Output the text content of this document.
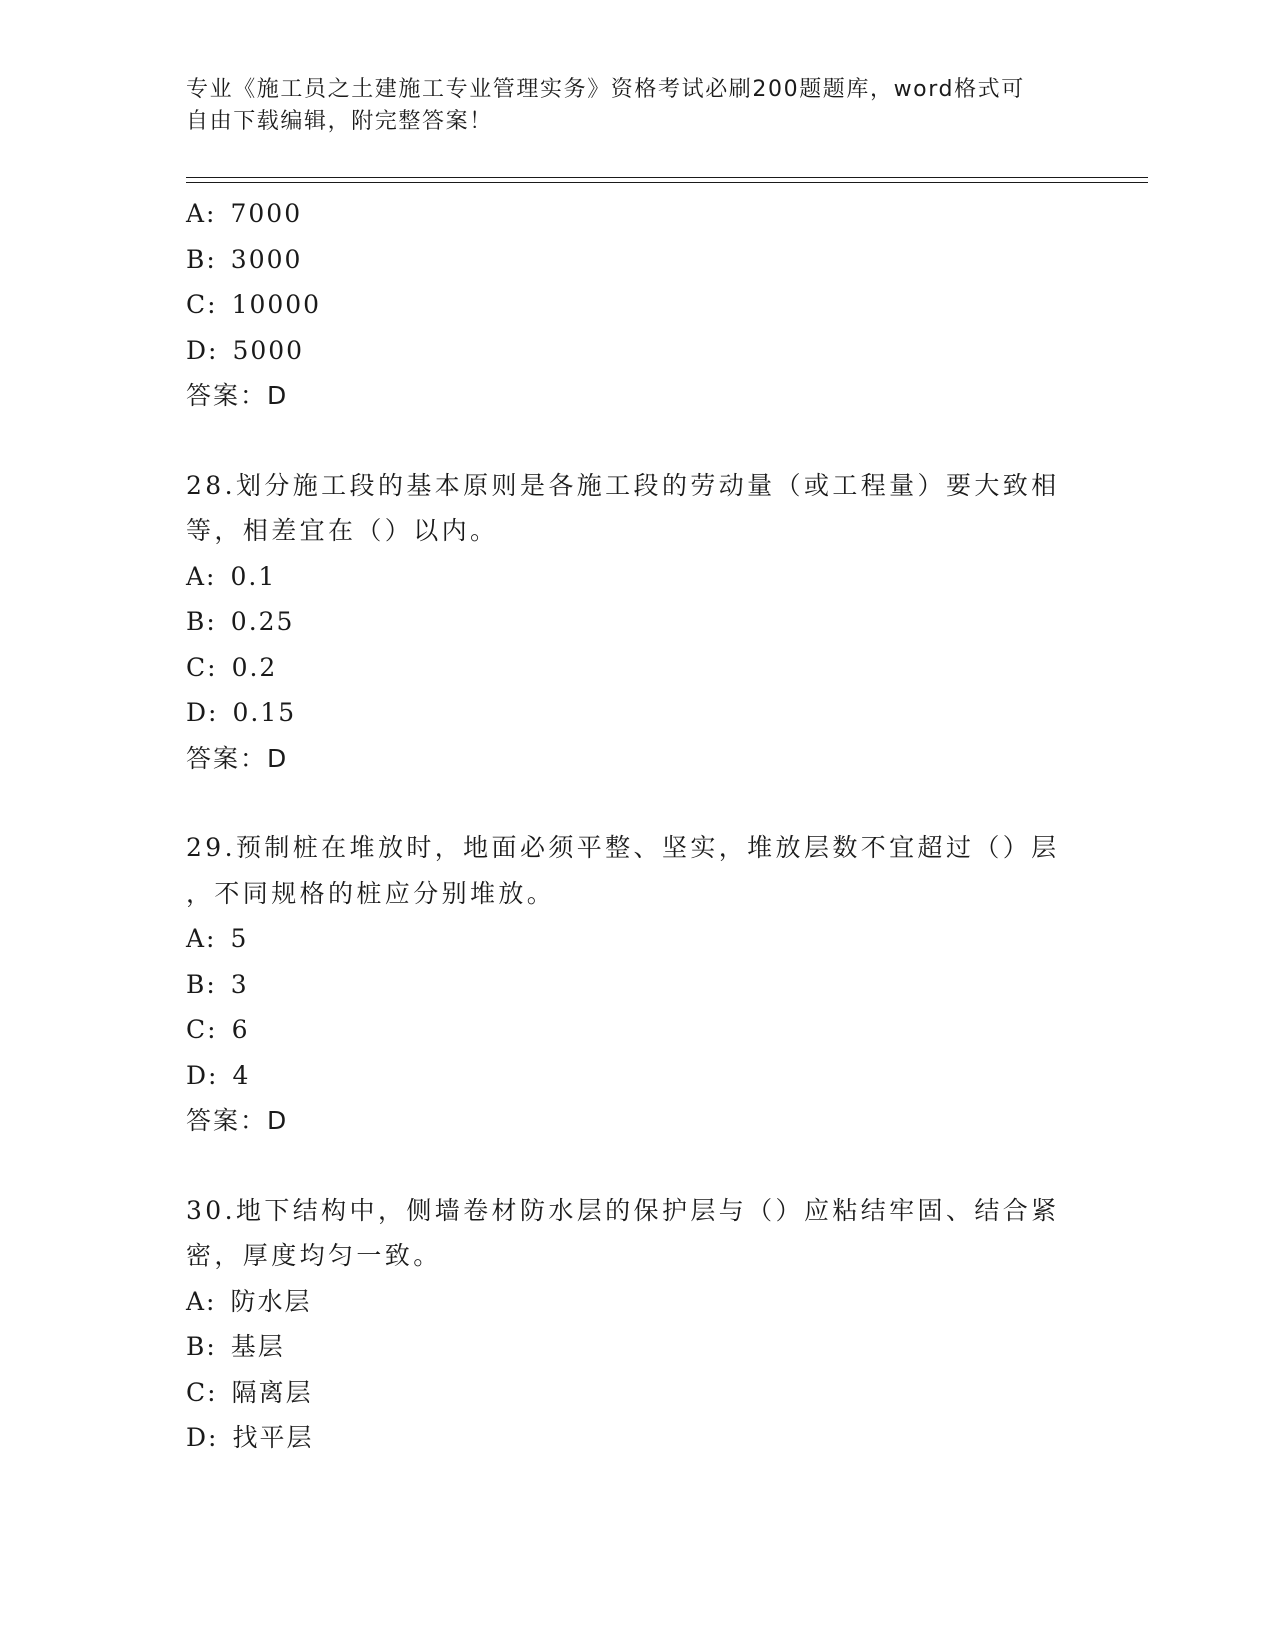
专业《施工员之土建施工专业管理实务》资格考试必刷200题题库，word格式可
自由下载编辑，附完整答案！
A: 7000
B: 3000
C: 10000
D: 5000
答案：D
28.划分施工段的基本原则是各施工段的劳动量（或工程量）要大致相
等，相差宜在（）以内。
A: 0.1
B: 0.25
C: 0.2
D: 0.15
答案：D
29.预制桩在堆放时，地面必须平整、坚实，堆放层数不宜超过（）层
，不同规格的桩应分别堆放。
A: 5
B: 3
C: 6
D: 4
答案：D
30.地下结构中，侧墙卷材防水层的保护层与（）应粘结牢固、结合紧
密，厚度均匀一致。
A: 防水层
B: 基层
C: 隔离层
D: 找平层
